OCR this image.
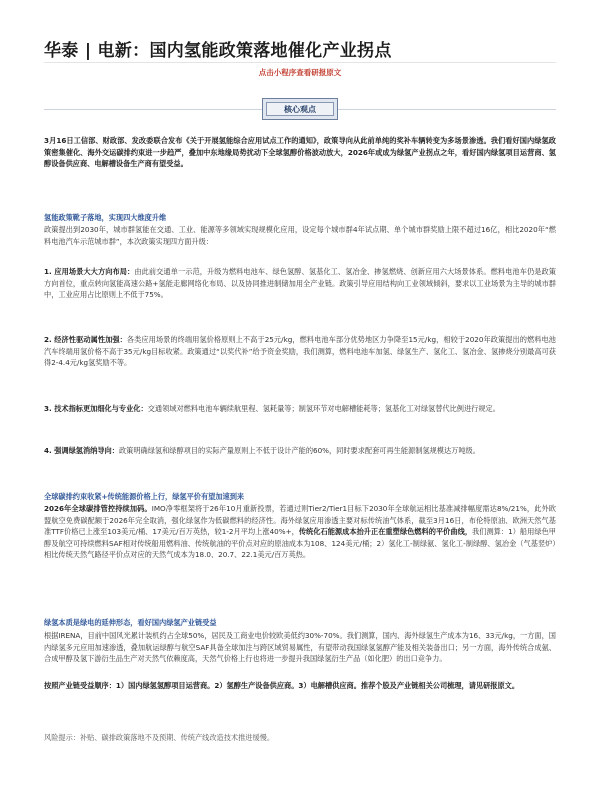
华泰 | 电新：国内氢能政策落地催化产业拐点
点击小程序查看研报原文
核心观点
3月16日工信部、财政部、发改委联合发布《关于开展氢能综合应用试点工作的通知》，政策导向从此前单纯的奖补车辆转变为多场景渗透。我们看好国内绿氢政策密集催化、海外交运碳排约束进一步趋严，叠加中东地缘局势扰动下全球氢醇价格波动放大，2026年或成为绿氢产业拐点之年，看好国内绿氢项目运营商、氢醇设备供应商、电解槽设备生产商有望受益。
氢能政策靴子落地，实现四大维度升维
政策提出到2030年，城市群氢能在交通、工业、能源等多领域实现规模化应用，设定每个城市群4年试点期、单个城市群奖励上限不超过16亿，相比2020年“燃料电池汽车示范城市群”，本次政策实现四方面升级：
1. 应用场景大大方向布局：由此前交通单一示范，升级为燃料电池车、绿色氢醇、氢基化工、氢冶金、掺氢燃烧、创新应用六大场景体系。燃料电池车仍是政策方向首位，重点转向氢能高速公路+氢能走廊网络化布局、以及协同推进制储加用全产业链。政策引导应用结构向工业领域倾斜，要求以工业场景为主导的城市群中，工业应用占比原则上不低于75%。
2. 经济性驱动属性加强：各类应用场景的终端用氢价格原则上不高于25元/kg，燃料电池车部分优势地区力争降至15元/kg，相较于2020年政策提出的燃料电池汽车终端用氢价格不高于35元/kg目标收紧。政策通过“以奖代补”给予资金奖励，我们测算，燃料电池车加氢、绿氢生产、氢化工、氢冶金、氢掺烧分别最高可获得2-4.4元/kg氢奖励不等。
3. 技术指标更加细化与专业化：交通领域对燃料电池车辆续航里程、氢耗量等；制氢环节对电解槽能耗等；氢基化工对绿氢替代比例进行规定。
4. 强调绿氢消纳导向：政策明确绿氢和绿醇项目的实际产量原则上不低于设计产能的60%，同时要求配套可再生能源制氢规模达万吨级。
全球碳排约束收紧+传统能源价格上行，绿氢平价有望加速到来
2026年全球碳排管控持续加码。IMO净零框架将于26年10月重新投票，若通过则Tier2/Tier1目标下2030年全球航运相比基准减排幅度需达8%/21%，此外欧盟航空免费碳配额于2026年完全取消，强化绿氢作为低碳燃料的经济性。海外绿氢应用渗透主要对标传统油气体系，截至3月16日，布伦特原油、欧洲天然气基准TTF价格已上涨至103美元/桶、17美元/百万英热，较1-2月平均上涨40%+，传统化石能源成本抬升正在重塑绿色燃料的平价曲线，我们测算：1）船用绿色甲醇及航空可持续燃料SAF相对传统船用燃料油、传统航油的平价点对应的原油成本为108、124美元/桶；2）氢化工-制绿氨、氢化工-制绿醇、氢冶金（气基竖炉）相比传统天然气路径平价点对应的天然气成本为18.0、20.7、22.1美元/百万英热。
绿氢本质是绿电的延伸形态，看好国内绿氢产业链受益
根据IRENA，目前中国风光累计装机约占全球50%，居民及工商业电价较欧美低约30%-70%。我们测算，国内、海外绿氢生产成本为16、33元/kg，一方面，国内绿氢多元应用加速渗透，叠加航运绿醇与航空SAF具备全球加注与跨区域贸易属性，有望带动我国绿氢氢醇产能及相关装备出口；另一方面，海外传统合成氨、合成甲醇及氢下游衍生品生产对天然气依赖度高，天然气价格上行也将进一步提升我国绿氢衍生产品（如化肥）的出口竞争力。
按照产业链受益顺序：1）国内绿氢氢醇项目运营商。2）氢醇生产设备供应商。3）电解槽供应商。推荐个股及产业链相关公司梳理，请见研报原文。
风险提示：补贴、碳排政策落地不及预期、传统产线改造技术推进缓慢。
